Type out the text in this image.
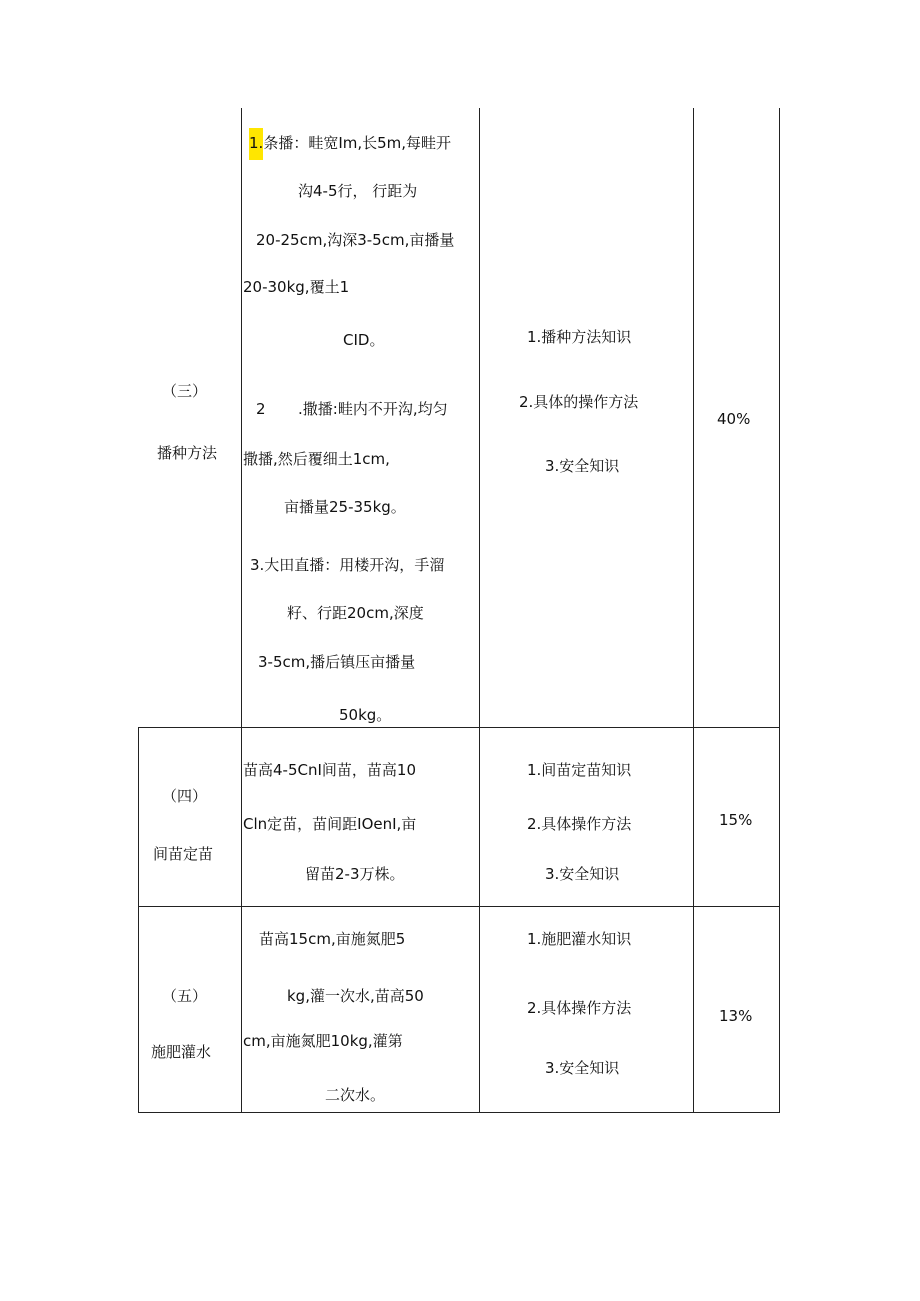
（三）
播种方法
1.条播：畦宽Im,长5m,每畦开
沟4-5行， 行距为
20-25cm,沟深3-5cm,亩播量
20-30kg,覆土1
CID。
2 .撒播:畦内不开沟,均匀
撒播,然后覆细土1cm,
亩播量25-35kg。
3.大田直播：用楼开沟，手溜
籽、行距20cm,深度
3-5cm,播后镇压亩播量
50kg。
1.播种方法知识
2.具体的操作方法
3.安全知识
40%
（四）
间苗定苗
苗高4-5CnI间苗，苗高10
Cln定苗，苗间距IOenI,亩
留苗2-3万株。
1.间苗定苗知识
2.具体操作方法
3.安全知识
15%
（五）
施肥灌水
苗高15cm,亩施氮肥5
kg,灌一次水,苗高50
cm,亩施氮肥10kg,灌第
二次水。
1.施肥灌水知识
2.具体操作方法
3.安全知识
13%
